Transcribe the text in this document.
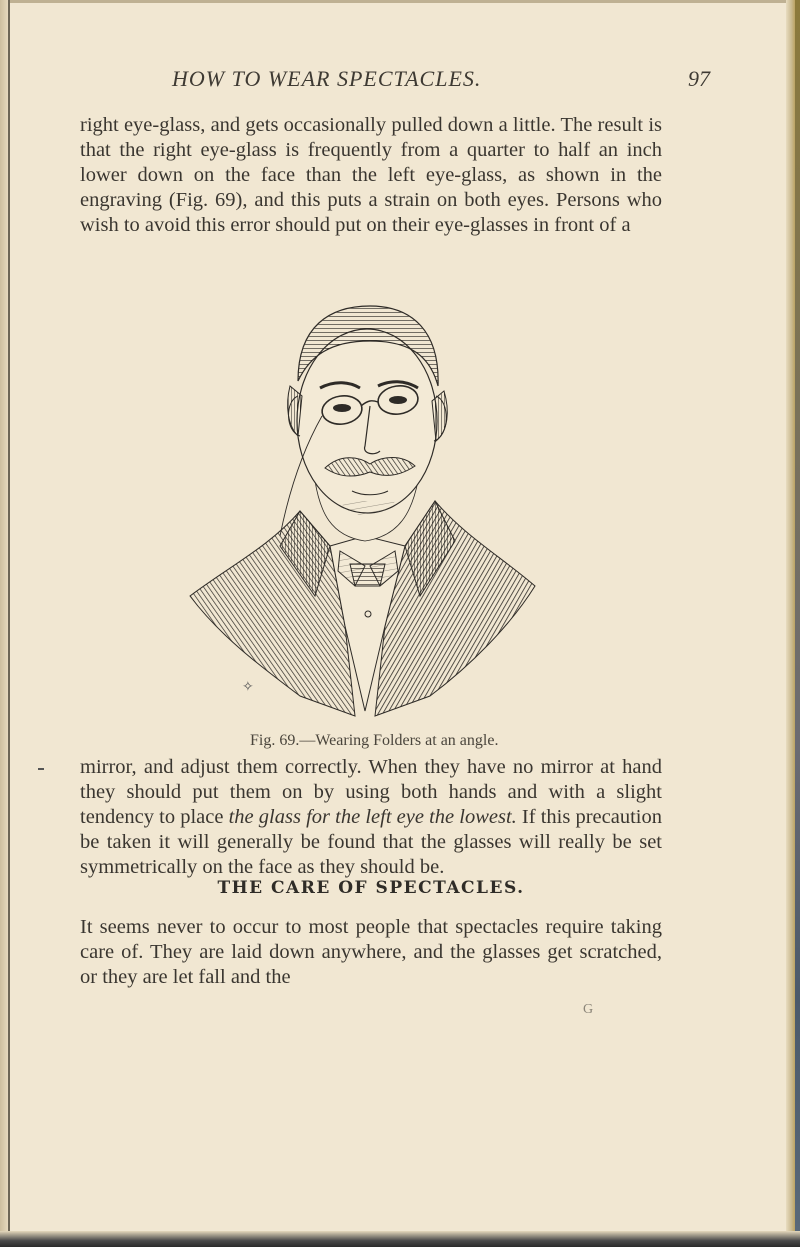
HOW TO WEAR SPECTACLES.	97

right eye-glass, and gets occasionally pulled down a little. The result is that the right eye-glass is frequently from a quarter to half an inch lower down on the face than the left eye-glass, as shown in the engraving (Fig. 69), and this puts a strain on both eyes. Persons who wish to avoid this error should put on their eye-glasses in front of a

✧
Fig. 69.—Wearing Folders at an angle.

mirror, and adjust them correctly. When they have no mirror at hand they should put them on by using both hands and with a slight tendency to place the glass for the left eye the lowest. If this precaution be taken it will generally be found that the glasses will really be set symmetrically on the face as they should be.

THE CARE OF SPECTACLES.

It seems never to occur to most people that spectacles require taking care of. They are laid down anywhere, and the glasses get scratched, or they are let fall and the

G
